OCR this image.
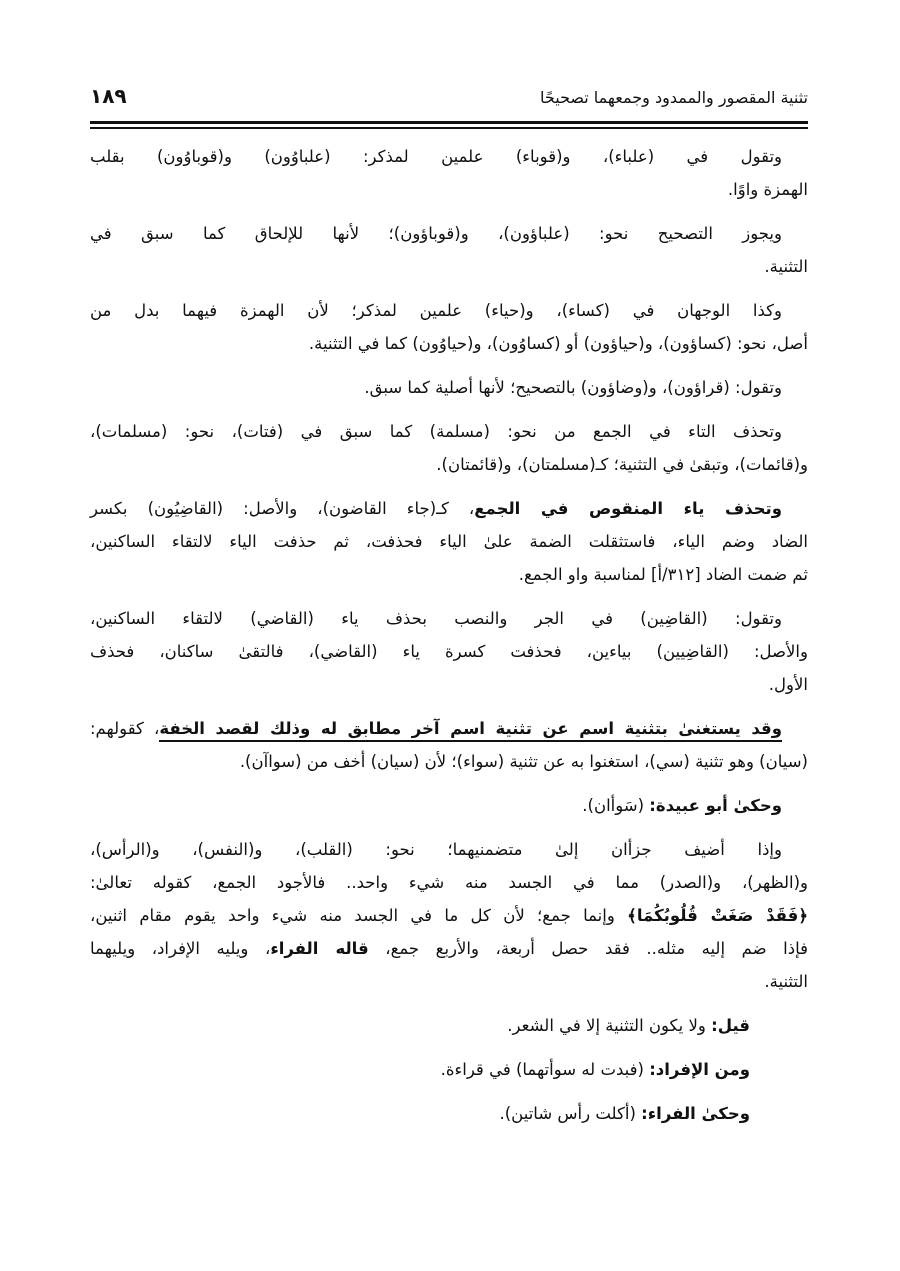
تثنية المقصور والممدود وجمعهما تصحيحًا
١٨٩
وتقول في (علباء)، و(قوباء) علمين لمذكر: (علباوُون) و(قوباوُون) بقلب
الهمزة واوًا.
ويجوز التصحيح نحو: (علباؤون)، و(قوباؤون)؛ لأنها للإلحاق كما سبق في
التثنية.
وكذا الوجهان في (كساء)، و(حياء) علمين لمذكر؛ لأن الهمزة فيهما بدل من
أصل، نحو: (كساؤون)، و(حياؤون) أو (كساوُون)، و(حياوُون) كما في التثنية.
وتقول: (قراؤون)، و(وضاؤون) بالتصحيح؛ لأنها أصلية كما سبق.
وتحذف التاء في الجمع من نحو: (مسلمة) كما سبق في (فتات)، نحو: (مسلمات)،
و(قائمات)، وتبقىٰ في التثنية؛ كـ(مسلمتان)، و(قائمتان).
وتحذف ياء المنقوص في الجمع، كـ(جاء القاضون)، والأصل: (القاضِيُون) بكسر
الضاد وضم الياء، فاستثقلت الضمة علىٰ الياء فحذفت، ثم حذفت الياء لالتقاء الساكنين،
ثم ضمت الضاد [٣١٢/أ] لمناسبة واو الجمع.
وتقول: (القاضِين) في الجر والنصب بحذف ياء (القاضي) لالتقاء الساكنين،
والأصل: (القاضِيين) بياءين، فحذفت كسرة ياء (القاضي)، فالتقىٰ ساكنان، فحذف
الأول.
وقد يستغنىٰ بتثنية اسم عن تثنية اسم آخر مطابق له وذلك لقصد الخفة، كقولهم:
(سيان) وهو تثنية (سي)، استغنوا به عن تثنية (سواء)؛ لأن (سيان) أخف من (سواآن).
وحكىٰ أبو عبيدة: (سَوأان).
وإذا أضيف جزأان إلىٰ متضمنيهما؛ نحو: (القلب)، و(النفس)، و(الرأس)،
و(الظهر)، و(الصدر) مما في الجسد منه شيء واحد.. فالأجود الجمع، كقوله تعالىٰ:
﴿فَقَدْ صَغَتْ قُلُوبُكُمَا﴾ وإنما جمع؛ لأن كل ما في الجسد منه شيء واحد يقوم مقام اثنين،
فإذا ضم إليه مثله.. فقد حصل أربعة، والأربع جمع، قاله الفراء، ويليه الإفراد، ويليهما
التثنية.
قيل: ولا يكون التثنية إلا في الشعر.
ومن الإفراد: (فبدت له سوأتهما) في قراءة.
وحكىٰ الفراء: (أكلت رأس شاتين).
